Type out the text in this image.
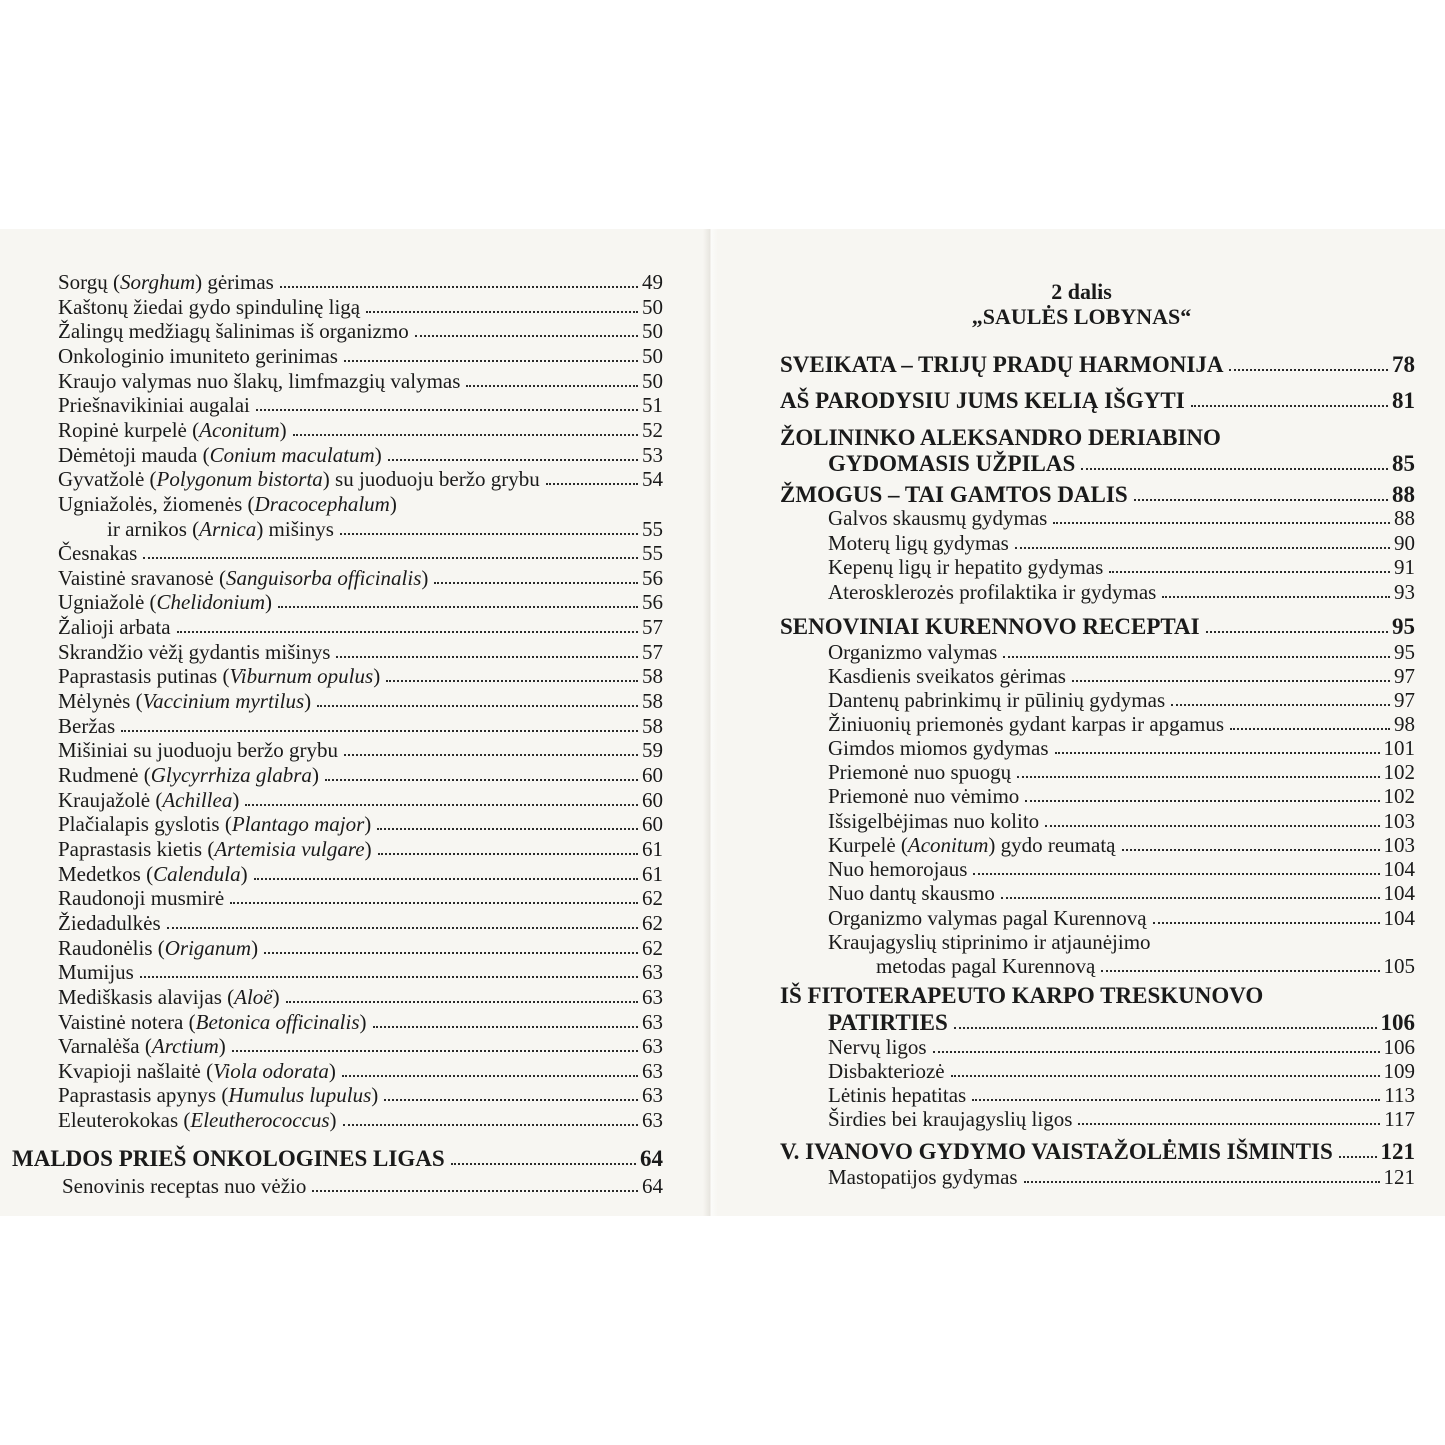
Sorgų (Sorghum) gėrimas	49
Kaštonų žiedai gydo spindulinę ligą	50
Žalingų medžiagų šalinimas iš organizmo	50
Onkologinio imuniteto gerinimas	50
Kraujo valymas nuo šlakų, limfmazgių valymas	50
Priešnavikiniai augalai	51
Ropinė kurpelė (Aconitum)	52
Dėmėtoji mauda (Conium maculatum)	53
Gyvatžolė (Polygonum bistorta) su juoduoju beržo grybu	54
Ugniažolės, žiomenės (Dracocephalum)
ir arnikos (Arnica) mišinys	55
Česnakas	55
Vaistinė sravanosė (Sanguisorba officinalis)	56
Ugniažolė (Chelidonium)	56
Žalioji arbata	57
Skrandžio vėžį gydantis mišinys	57
Paprastasis putinas (Viburnum opulus)	58
Mėlynės (Vaccinium myrtilus)	58
Beržas	58
Mišiniai su juoduoju beržo grybu	59
Rudmenė (Glycyrrhiza glabra)	60
Kraujažolė (Achillea)	60
Plačialapis gyslotis (Plantago major)	60
Paprastasis kietis (Artemisia vulgare)	61
Medetkos (Calendula)	61
Raudonoji musmirė	62
Žiedadulkės	62
Raudonėlis (Origanum)	62
Mumijus	63
Mediškasis alavijas (Aloë)	63
Vaistinė notera (Betonica officinalis)	63
Varnalėša (Arctium)	63
Kvapioji našlaitė (Viola odorata)	63
Paprastasis apynys (Humulus lupulus)	63
Eleuterokokas (Eleutherococcus)	63
MALDOS PRIEŠ ONKOLOGINES LIGAS	64
Senovinis receptas nuo vėžio	64
2 dalis
„SAULĖS LOBYNAS“
SVEIKATA – TRIJŲ PRADŲ HARMONIJA	78
AŠ PARODYSIU JUMS KELIĄ IŠGYTI	81
ŽOLININKO ALEKSANDRO DERIABINO
GYDOMASIS UŽPILAS	85
ŽMOGUS – TAI GAMTOS DALIS	88
Galvos skausmų gydymas	88
Moterų ligų gydymas	90
Kepenų ligų ir hepatito gydymas	91
Aterosklerozės profilaktika ir gydymas	93
SENOVINIAI KURENNOVO RECEPTAI	95
Organizmo valymas	95
Kasdienis sveikatos gėrimas	97
Dantenų pabrinkimų ir pūlinių gydymas	97
Žiniuonių priemonės gydant karpas ir apgamus	98
Gimdos miomos gydymas	101
Priemonė nuo spuogų	102
Priemonė nuo vėmimo	102
Išsigelbėjimas nuo kolito	103
Kurpelė (Aconitum) gydo reumatą	103
Nuo hemorojaus	104
Nuo dantų skausmo	104
Organizmo valymas pagal Kurennovą	104
Kraujagyslių stiprinimo ir atjaunėjimo
metodas pagal Kurennovą	105
IŠ FITOTERAPEUTO KARPO TRESKUNOVO
PATIRTIES	106
Nervų ligos	106
Disbakteriozė	109
Lėtinis hepatitas	113
Širdies bei kraujagyslių ligos	117
V. IVANOVO GYDYMO VAISTAŽOLĖMIS IŠMINTIS 121
Mastopatijos gydymas	121
